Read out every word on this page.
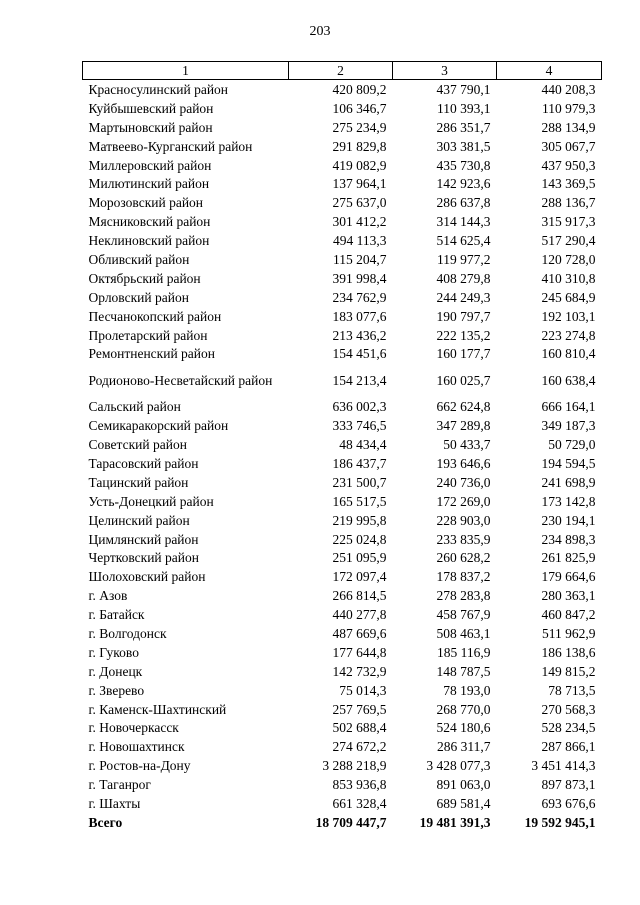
203
1	2	3	4
Красносулинский район	420 809,2	437 790,1	440 208,3
Куйбышевский район	106 346,7	110 393,1	110 979,3
Мартыновский район	275 234,9	286 351,7	288 134,9
Матвеево-Курганский район	291 829,8	303 381,5	305 067,7
Миллеровский район	419 082,9	435 730,8	437 950,3
Милютинский район	137 964,1	142 923,6	143 369,5
Морозовский район	275 637,0	286 637,8	288 136,7
Мясниковский район	301 412,2	314 144,3	315 917,3
Неклиновский район	494 113,3	514 625,4	517 290,4
Обливский район	115 204,7	119 977,2	120 728,0
Октябрьский район	391 998,4	408 279,8	410 310,8
Орловский район	234 762,9	244 249,3	245 684,9
Песчанокопский район	183 077,6	190 797,7	192 103,1
Пролетарский район	213 436,2	222 135,2	223 274,8
Ремонтненский район	154 451,6	160 177,7	160 810,4
Родионово-Несветайский район	154 213,4	160 025,7	160 638,4
Сальский район	636 002,3	662 624,8	666 164,1
Семикаракорский район	333 746,5	347 289,8	349 187,3
Советский район	48 434,4	50 433,7	50 729,0
Тарасовский район	186 437,7	193 646,6	194 594,5
Тацинский район	231 500,7	240 736,0	241 698,9
Усть-Донецкий район	165 517,5	172 269,0	173 142,8
Целинский район	219 995,8	228 903,0	230 194,1
Цимлянский район	225 024,8	233 835,9	234 898,3
Чертковский район	251 095,9	260 628,2	261 825,9
Шолоховский район	172 097,4	178 837,2	179 664,6
г. Азов	266 814,5	278 283,8	280 363,1
г. Батайск	440 277,8	458 767,9	460 847,2
г. Волгодонск	487 669,6	508 463,1	511 962,9
г. Гуково	177 644,8	185 116,9	186 138,6
г. Донецк	142 732,9	148 787,5	149 815,2
г. Зверево	75 014,3	78 193,0	78 713,5
г. Каменск-Шахтинский	257 769,5	268 770,0	270 568,3
г. Новочеркасск	502 688,4	524 180,6	528 234,5
г. Новошахтинск	274 672,2	286 311,7	287 866,1
г. Ростов-на-Дону	3 288 218,9	3 428 077,3	3 451 414,3
г. Таганрог	853 936,8	891 063,0	897 873,1
г. Шахты	661 328,4	689 581,4	693 676,6
Всего	18 709 447,7	19 481 391,3	19 592 945,1
